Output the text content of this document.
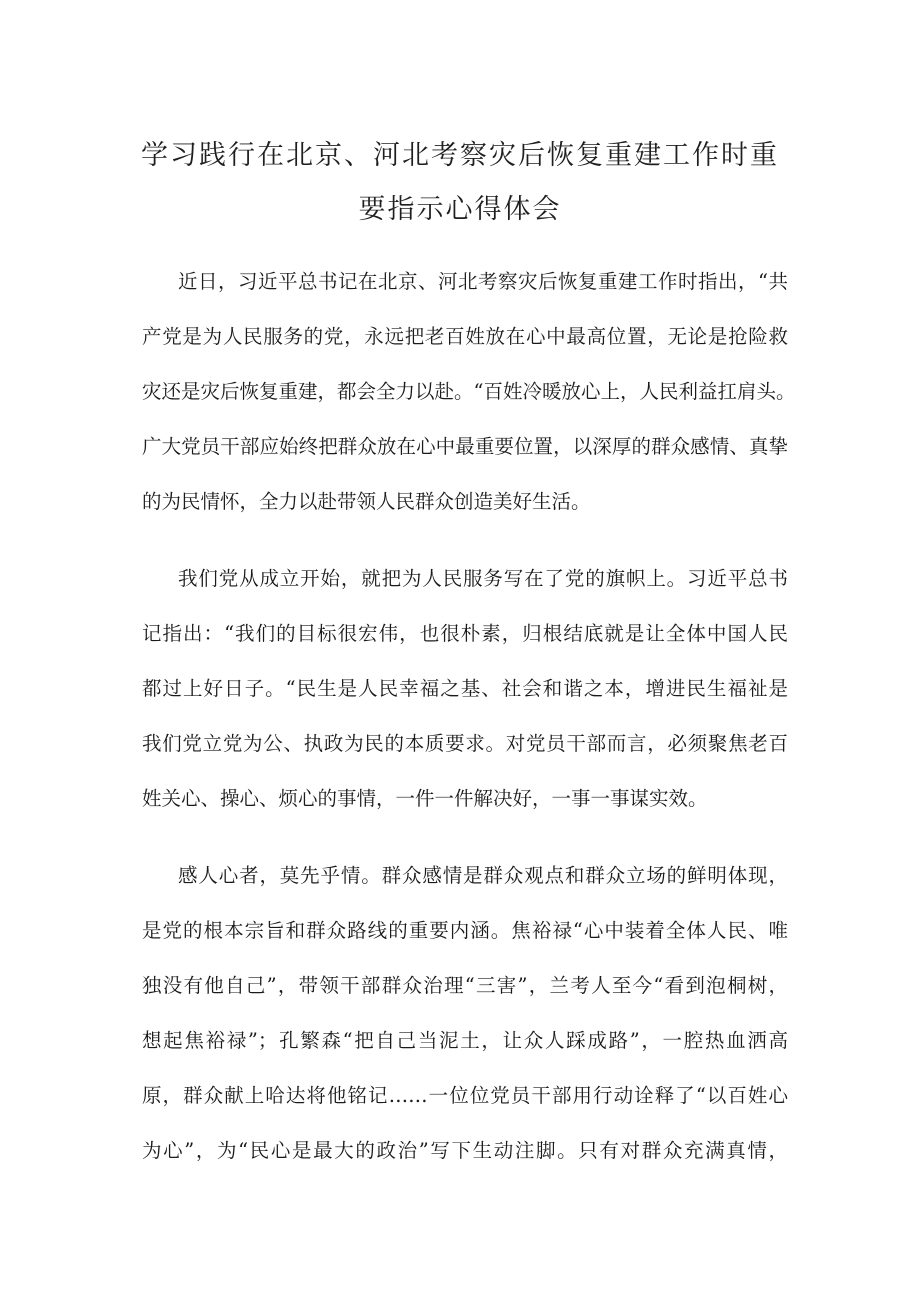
学习践行在北京、河北考察灾后恢复重建工作时重
要指示心得体会
近日，习近平总书记在北京、河北考察灾后恢复重建工作时指出，“共
产党是为人民服务的党，永远把老百姓放在心中最高位置，无论是抢险救
灾还是灾后恢复重建，都会全力以赴。“百姓冷暖放心上，人民利益扛肩头。
广大党员干部应始终把群众放在心中最重要位置，以深厚的群众感情、真挚
的为民情怀，全力以赴带领人民群众创造美好生活。
我们党从成立开始，就把为人民服务写在了党的旗帜上。习近平总书
记指出：“我们的目标很宏伟，也很朴素，归根结底就是让全体中国人民
都过上好日子。“民生是人民幸福之基、社会和谐之本，增进民生福祉是
我们党立党为公、执政为民的本质要求。对党员干部而言，必须聚焦老百
姓关心、操心、烦心的事情，一件一件解决好，一事一事谋实效。
感人心者，莫先乎情。群众感情是群众观点和群众立场的鲜明体现，
是党的根本宗旨和群众路线的重要内涵。焦裕禄“心中装着全体人民、唯
独没有他自己”，带领干部群众治理“三害”，兰考人至今“看到泡桐树，
想起焦裕禄”；孔繁森“把自己当泥土，让众人踩成路”，一腔热血洒高
原，群众献上哈达将他铭记……一位位党员干部用行动诠释了“以百姓心
为心”，为“民心是最大的政治”写下生动注脚。只有对群众充满真情，
